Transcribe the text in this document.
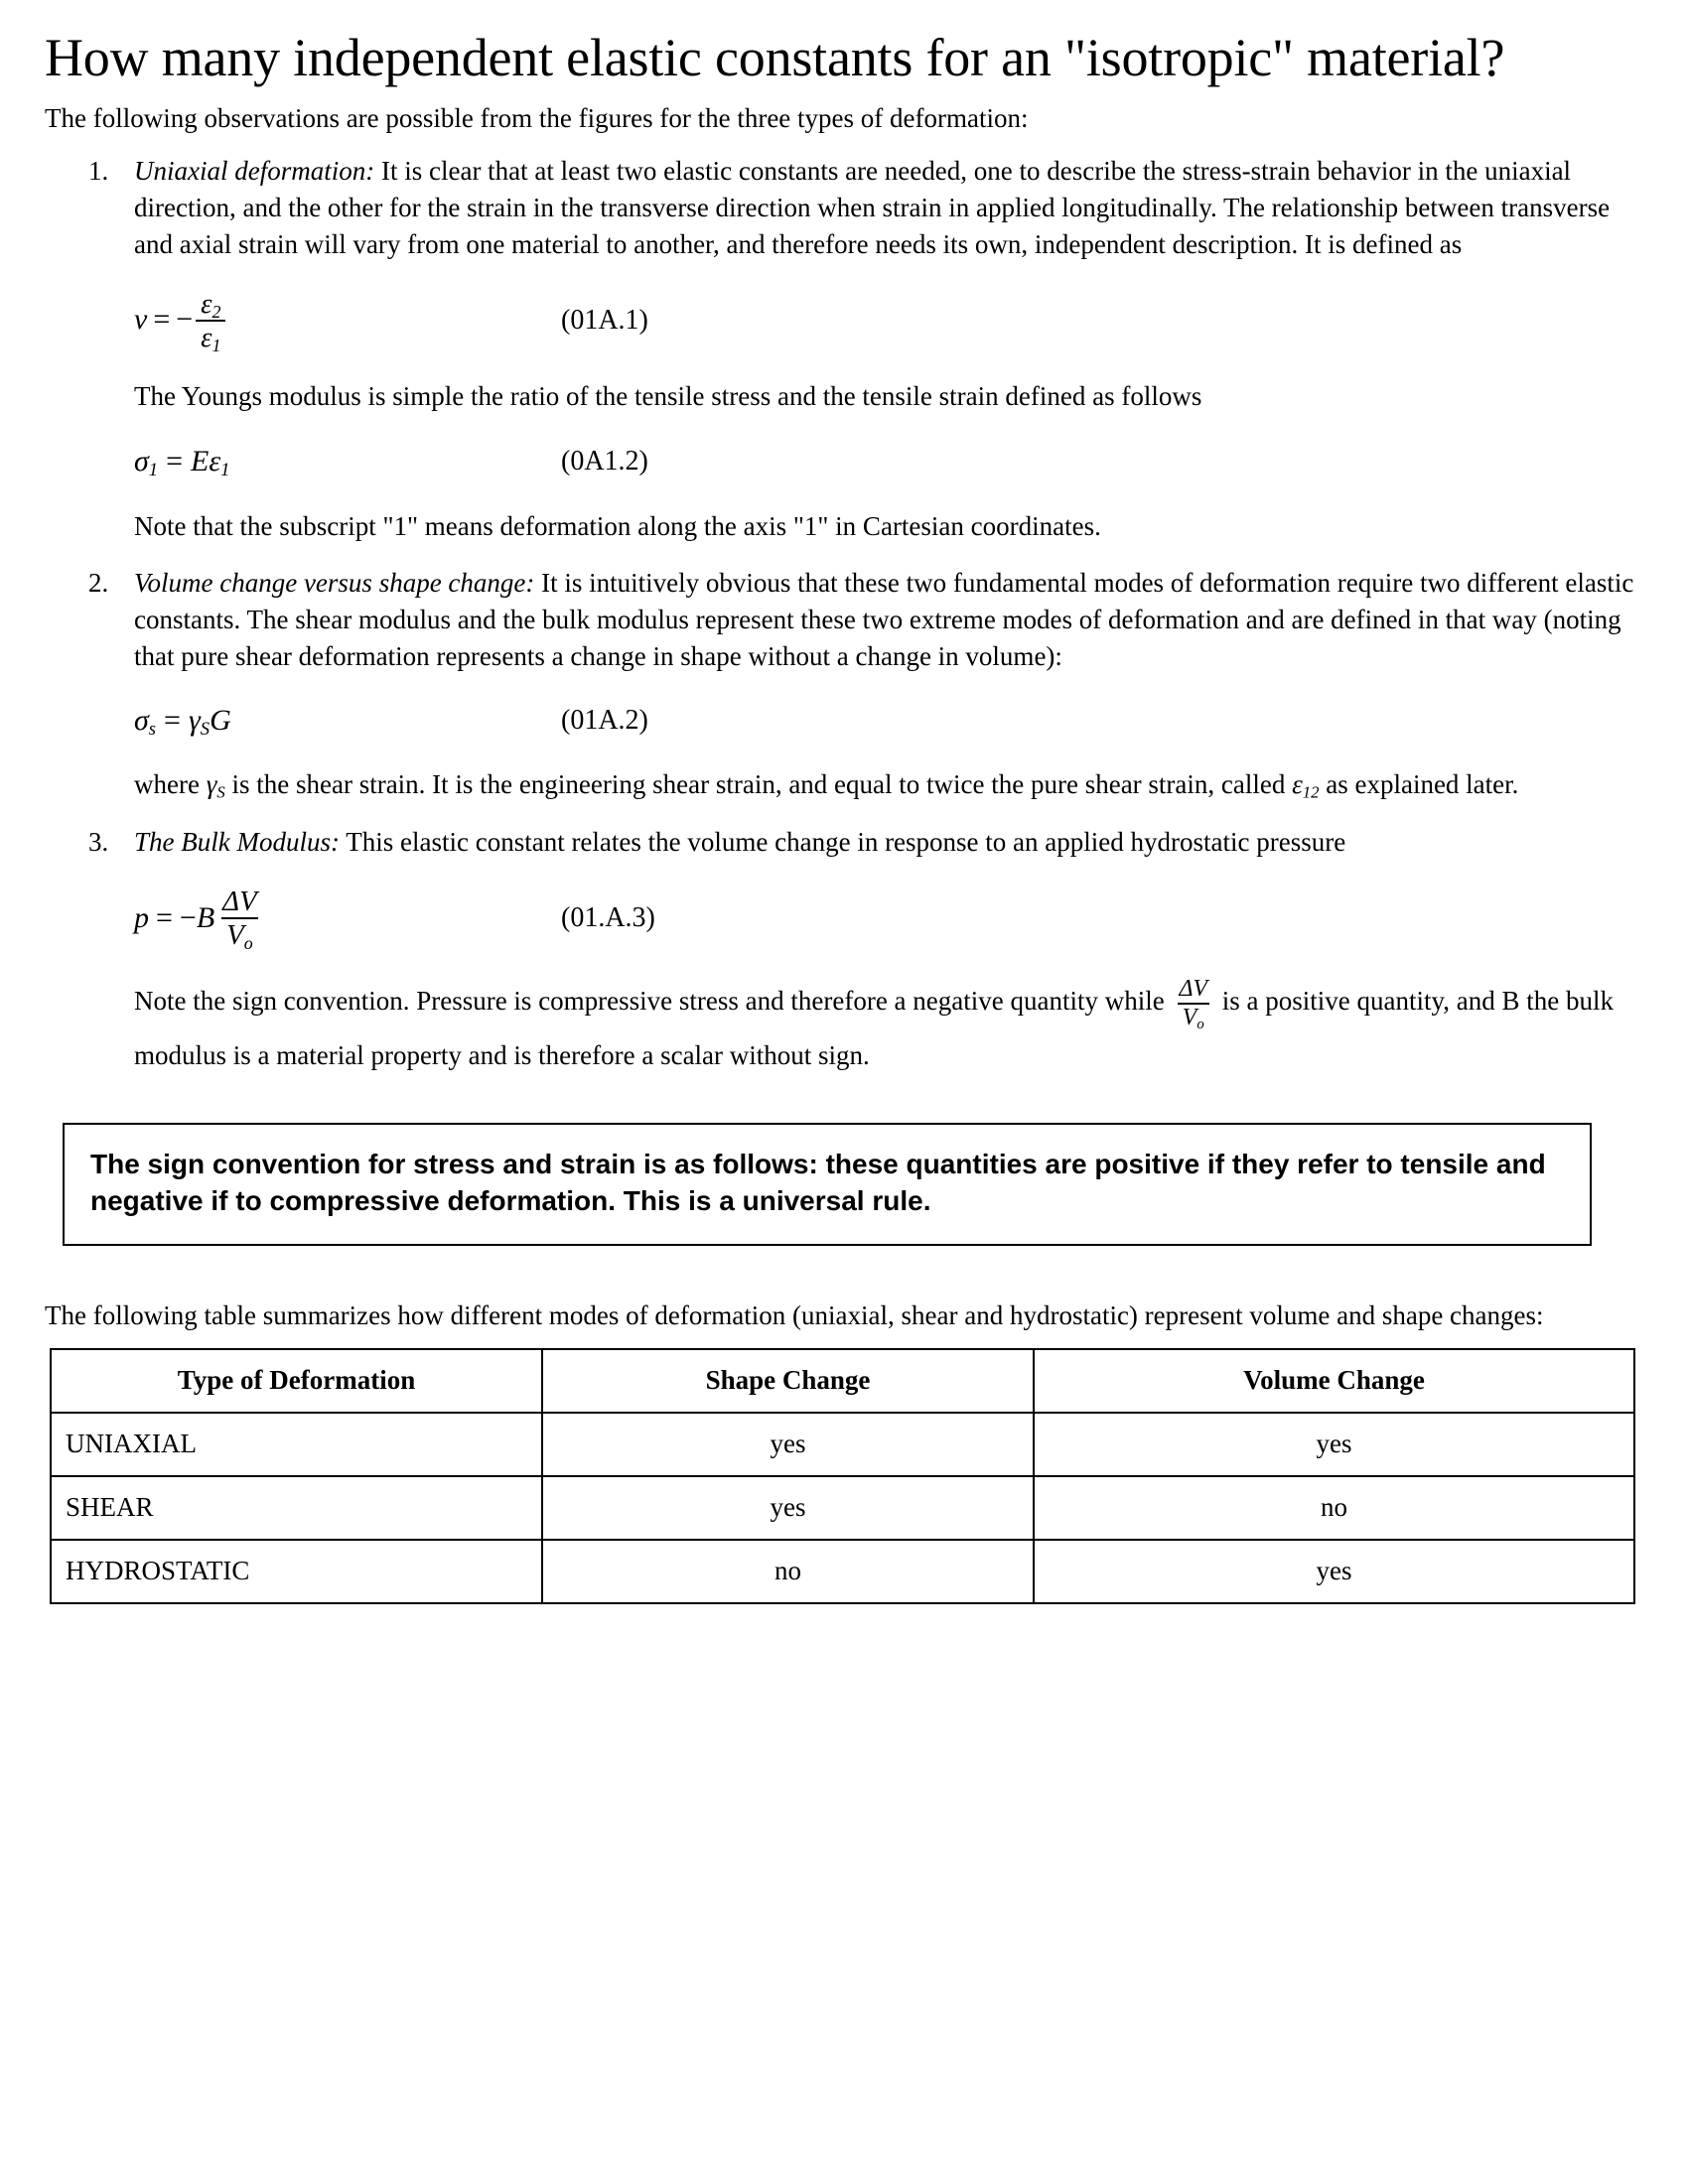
How many independent elastic constants for an "isotropic" material?

The following observations are possible from the figures for the three types of deformation:

Uniaxial deformation: It is clear that at least two elastic constants are needed, one to describe the stress-strain behavior in the uniaxial direction, and the other for the strain in the transverse direction when strain in applied longitudinally. The relationship between transverse and axial strain will vary from one material to another, and therefore needs its own, independent description. It is defined as
ν = − $\frac{\varepsilon_2}{\varepsilon_1}$	(01A.1)

The Youngs modulus is simple the ratio of the tensile stress and the tensile strain defined as follows

$\sigma_1 = E$ $\varepsilon_1$	(0A1.2)

Note that the subscript "1" means deformation along the axis "1" in Cartesian coordinates.

Volume change versus shape change: It is intuitively obvious that these two fundamental modes of deformation require two different elastic constants. The shear modulus and the bulk modulus represent these two extreme modes of deformation and are defined in that way (noting that pure shear deformation represents a change in shape without a change in volume):
$\sigma_s = \gamma_S$ G	(01A.2)

where $\gamma_S$ is the shear strain. It is the engineering shear strain, and equal to twice the pure shear strain, called $\varepsilon_{12}$ as explained later.

The Bulk Modulus: This elastic constant relates the volume change in response to an applied hydrostatic pressure
p = − B $\frac{\Delta V}{V_o}$	(01.A.3)

Note the sign convention. Pressure is compressive stress and therefore a negative quantity while $\frac{\Delta V}{V_o}$ is a positive quantity, and B the bulk modulus is a material property and is therefore a scalar without sign.

The sign convention for stress and strain is as follows: these quantities are positive if they refer to tensile and negative if to compressive deformation. This is a universal rule.

The following table summarizes how different modes of deformation (uniaxial, shear and hydrostatic) represent volume and shape changes:

Type of Deformation	Shape Change	Volume Change
UNIAXIAL	yes	yes
SHEAR	yes	no
HYDROSTATIC	no	yes
